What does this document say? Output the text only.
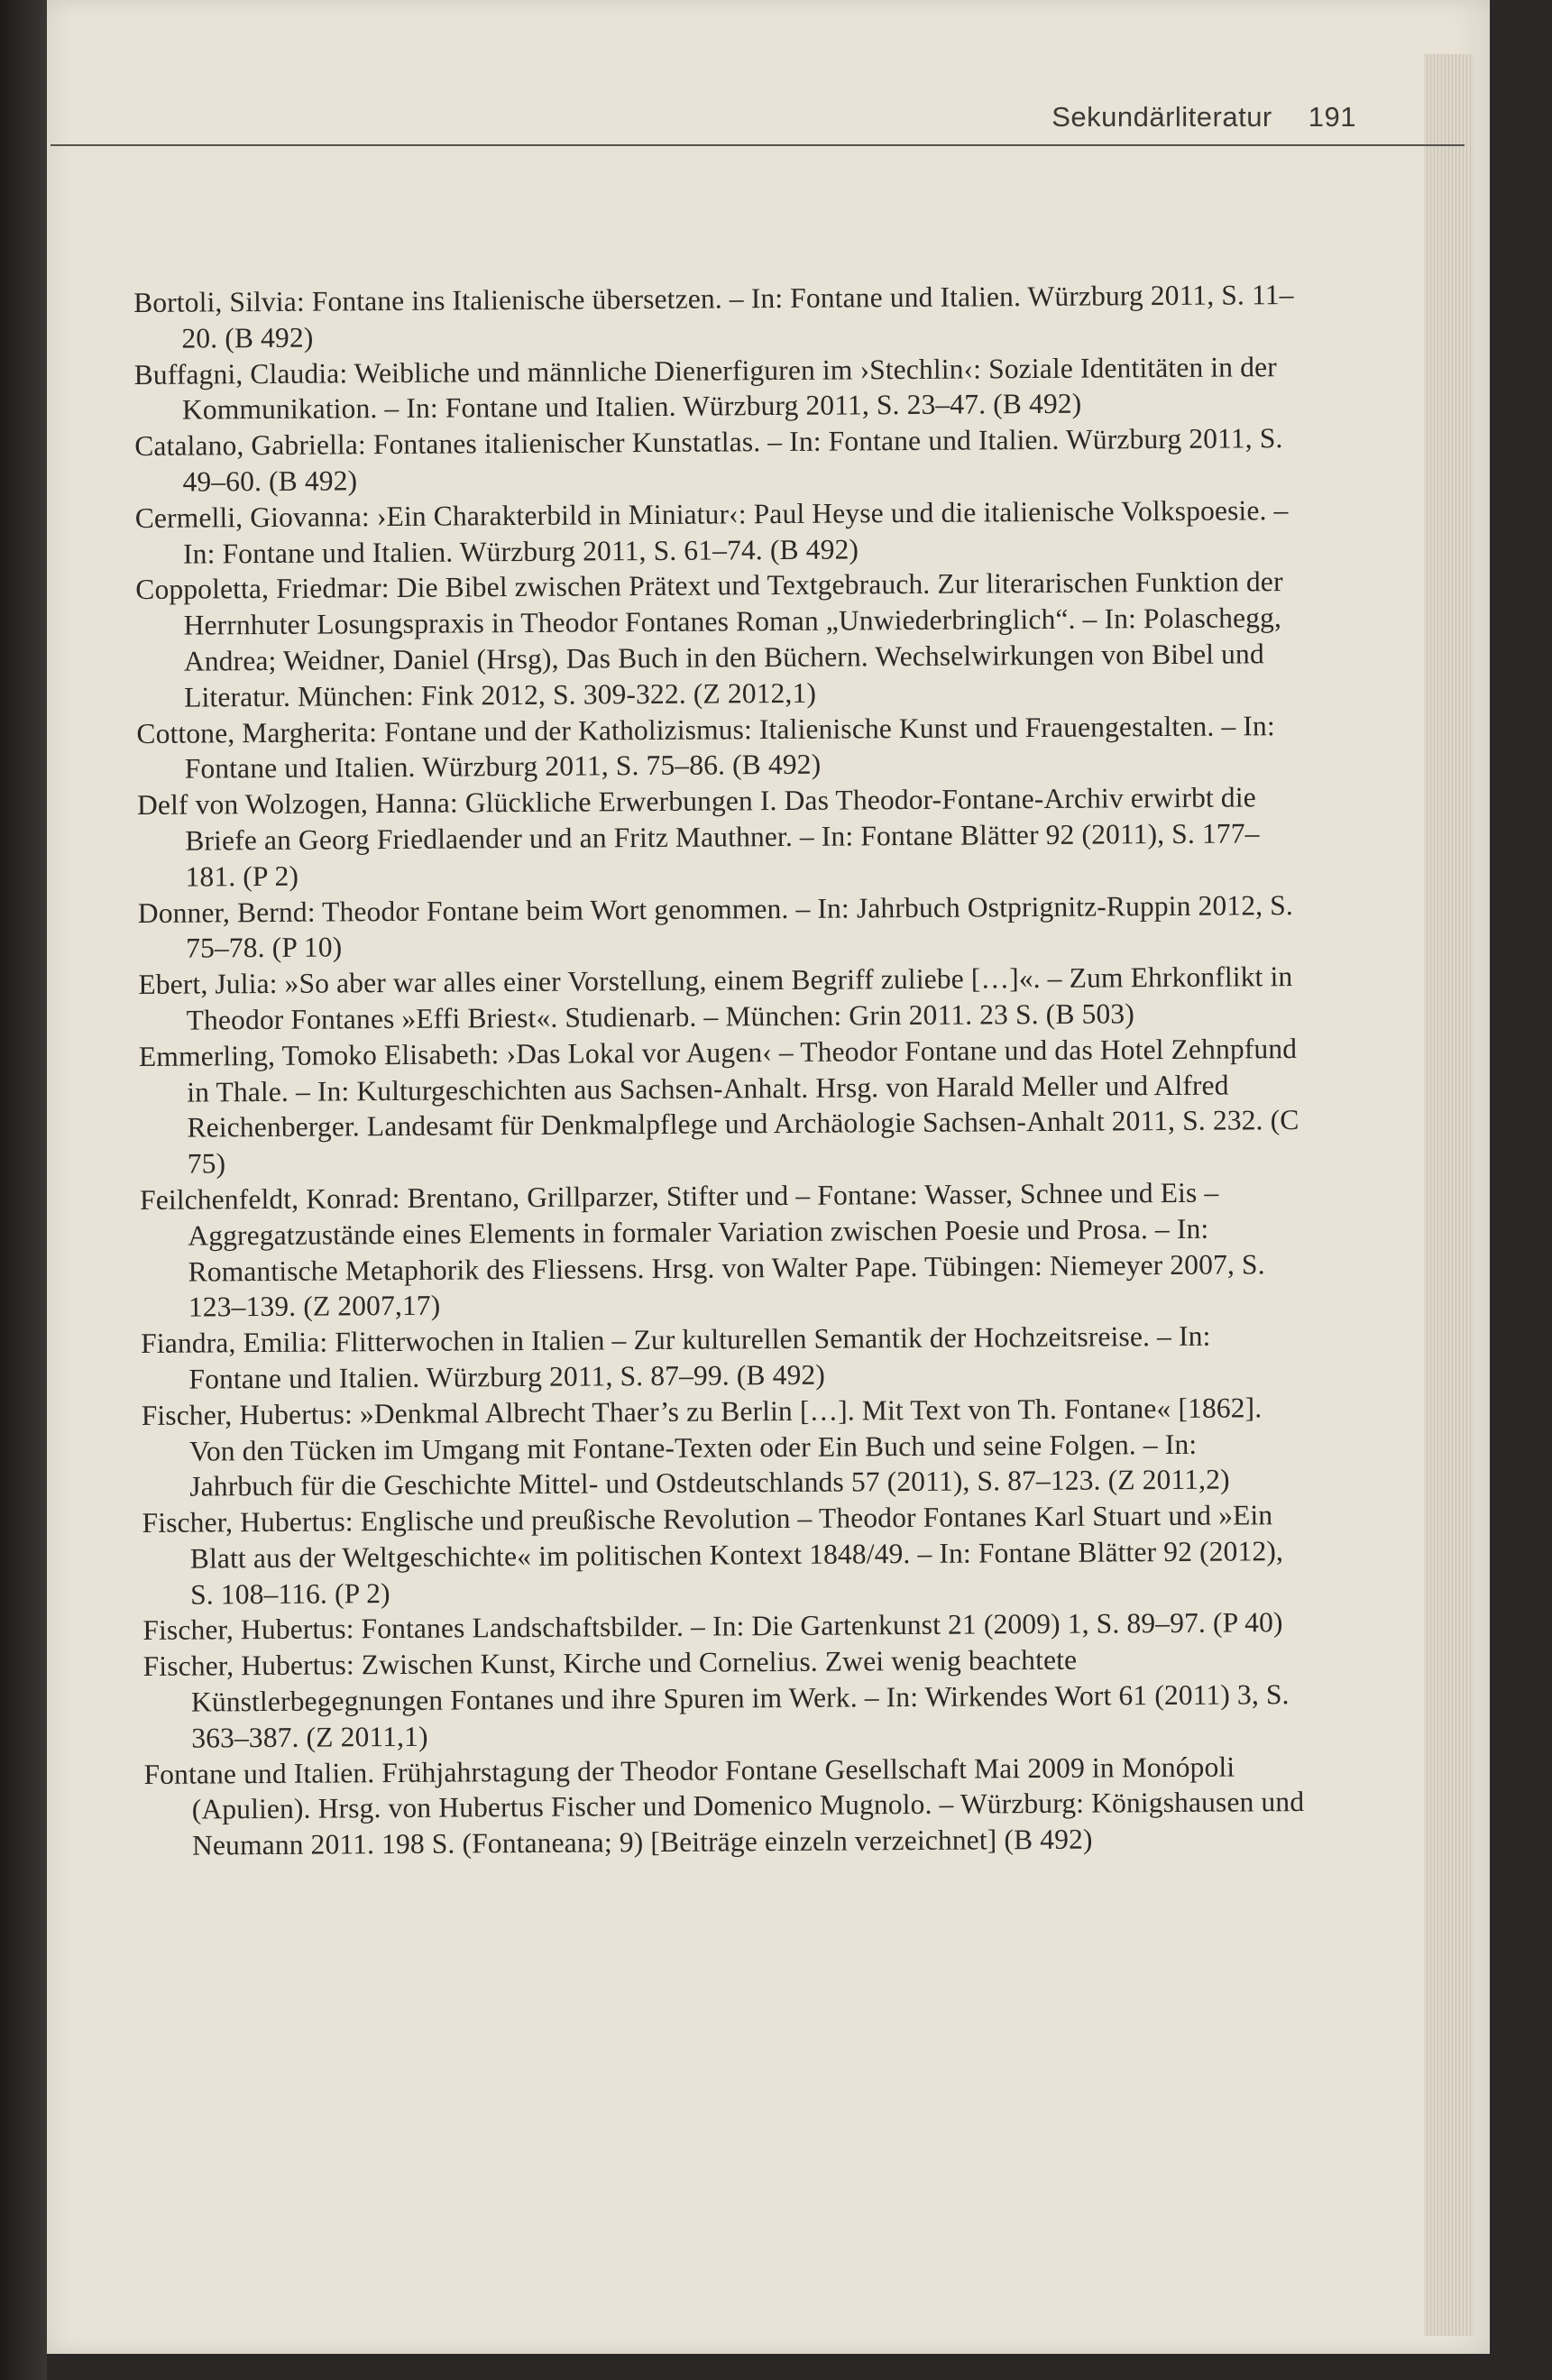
Sekundärliteratur 191

Bortoli, Silvia: Fontane ins Italienische übersetzen. – In: Fontane und Italien. Würzburg 2011, S. 11–20. (B 492)

Buffagni, Claudia: Weibliche und männliche Dienerfiguren im ›Stechlin‹: Soziale Identitäten in der Kommunikation. – In: Fontane und Italien. Würzburg 2011, S. 23–47. (B 492)

Catalano, Gabriella: Fontanes italienischer Kunstatlas. – In: Fontane und Italien. Würzburg 2011, S. 49–60. (B 492)

Cermelli, Giovanna: ›Ein Charakterbild in Miniatur‹: Paul Heyse und die italienische Volkspoesie. – In: Fontane und Italien. Würzburg 2011, S. 61–74. (B 492)

Coppoletta, Friedmar: Die Bibel zwischen Prätext und Textgebrauch. Zur literarischen Funktion der Herrnhuter Losungspraxis in Theodor Fontanes Roman „Unwiederbringlich“. – In: Polaschegg, Andrea; Weidner, Daniel (Hrsg), Das Buch in den Büchern. Wechselwirkungen von Bibel und Literatur. München: Fink 2012, S. 309-322. (Z 2012,1)

Cottone, Margherita: Fontane und der Katholizismus: Italienische Kunst und Frauengestalten. – In: Fontane und Italien. Würzburg 2011, S. 75–86. (B 492)

Delf von Wolzogen, Hanna: Glückliche Erwerbungen I. Das Theodor-Fontane-Archiv erwirbt die Briefe an Georg Friedlaender und an Fritz Mauthner. – In: Fontane Blätter 92 (2011), S. 177–181. (P 2)

Donner, Bernd: Theodor Fontane beim Wort genommen. – In: Jahrbuch Ostprignitz-Ruppin 2012, S. 75–78. (P 10)

Ebert, Julia: »So aber war alles einer Vorstellung, einem Begriff zuliebe […]«. – Zum Ehrkonflikt in Theodor Fontanes »Effi Briest«. Studienarb. – München: Grin 2011. 23 S. (B 503)

Emmerling, Tomoko Elisabeth: ›Das Lokal vor Augen‹ – Theodor Fontane und das Hotel Zehnpfund in Thale. – In: Kulturgeschichten aus Sachsen-Anhalt. Hrsg. von Harald Meller und Alfred Reichenberger. Landesamt für Denkmalpflege und Archäologie Sachsen-Anhalt 2011, S. 232. (C 75)

Feilchenfeldt, Konrad: Brentano, Grillparzer, Stifter und – Fontane: Wasser, Schnee und Eis – Aggregatzustände eines Elements in formaler Variation zwischen Poesie und Prosa. – In: Romantische Metaphorik des Fliessens. Hrsg. von Walter Pape. Tübingen: Niemeyer 2007, S. 123–139. (Z 2007,17)

Fiandra, Emilia: Flitterwochen in Italien – Zur kulturellen Semantik der Hochzeitsreise. – In: Fontane und Italien. Würzburg 2011, S. 87–99. (B 492)

Fischer, Hubertus: »Denkmal Albrecht Thaer’s zu Berlin […]. Mit Text von Th. Fontane« [1862]. Von den Tücken im Umgang mit Fontane-Texten oder Ein Buch und seine Folgen. – In: Jahrbuch für die Geschichte Mittel- und Ostdeutschlands 57 (2011), S. 87–123. (Z 2011,2)

Fischer, Hubertus: Englische und preußische Revolution – Theodor Fontanes Karl Stuart und »Ein Blatt aus der Weltgeschichte« im politischen Kontext 1848/49. – In: Fontane Blätter 92 (2012), S. 108–116. (P 2)

Fischer, Hubertus: Fontanes Landschaftsbilder. – In: Die Gartenkunst 21 (2009) 1, S. 89–97. (P 40)

Fischer, Hubertus: Zwischen Kunst, Kirche und Cornelius. Zwei wenig beachtete Künstlerbegegnungen Fontanes und ihre Spuren im Werk. – In: Wirkendes Wort 61 (2011) 3, S. 363–387. (Z 2011,1)

Fontane und Italien. Frühjahrstagung der Theodor Fontane Gesellschaft Mai 2009 in Monópoli (Apulien). Hrsg. von Hubertus Fischer und Domenico Mugnolo. – Würzburg: Königshausen und Neumann 2011. 198 S. (Fontaneana; 9) [Beiträge einzeln verzeichnet] (B 492)
